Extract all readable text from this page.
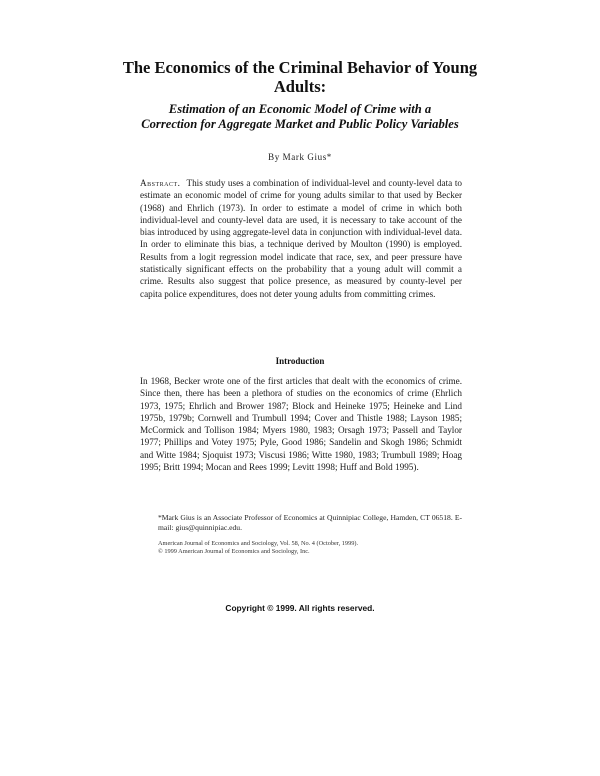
The Economics of the Criminal Behavior of Young Adults:
Estimation of an Economic Model of Crime with a Correction for Aggregate Market and Public Policy Variables
By Mark Gius*
Abstract. This study uses a combination of individual-level and county-level data to estimate an economic model of crime for young adults similar to that used by Becker (1968) and Ehrlich (1973). In order to estimate a model of crime in which both individual-level and county-level data are used, it is necessary to take account of the bias introduced by using aggregate-level data in conjunction with individual-level data. In order to eliminate this bias, a technique derived by Moulton (1990) is employed. Results from a logit regression model indicate that race, sex, and peer pressure have statistically significant effects on the probability that a young adult will commit a crime. Results also suggest that police presence, as measured by county-level per capita police expenditures, does not deter young adults from committing crimes.
Introduction
In 1968, Becker wrote one of the first articles that dealt with the economics of crime. Since then, there has been a plethora of studies on the economics of crime (Ehrlich 1973, 1975; Ehrlich and Brower 1987; Block and Heineke 1975; Heineke and Lind 1975b, 1979b; Cornwell and Trumbull 1994; Cover and Thistle 1988; Layson 1985; McCormick and Tollison 1984; Myers 1980, 1983; Orsagh 1973; Passell and Taylor 1977; Phillips and Votey 1975; Pyle, Good 1986; Sandelin and Skogh 1986; Schmidt and Witte 1984; Sjoquist 1973; Viscusi 1986; Witte 1980, 1983; Trumbull 1989; Hoag 1995; Britt 1994; Mocan and Rees 1999; Levitt 1998; Huff and Bold 1995).
*Mark Gius is an Associate Professor of Economics at Quinnipiac College, Hamden, CT 06518. E-mail: gius@quinnipiac.edu.
American Journal of Economics and Sociology, Vol. 58, No. 4 (October, 1999).
© 1999 American Journal of Economics and Sociology, Inc.
Copyright © 1999. All rights reserved.
